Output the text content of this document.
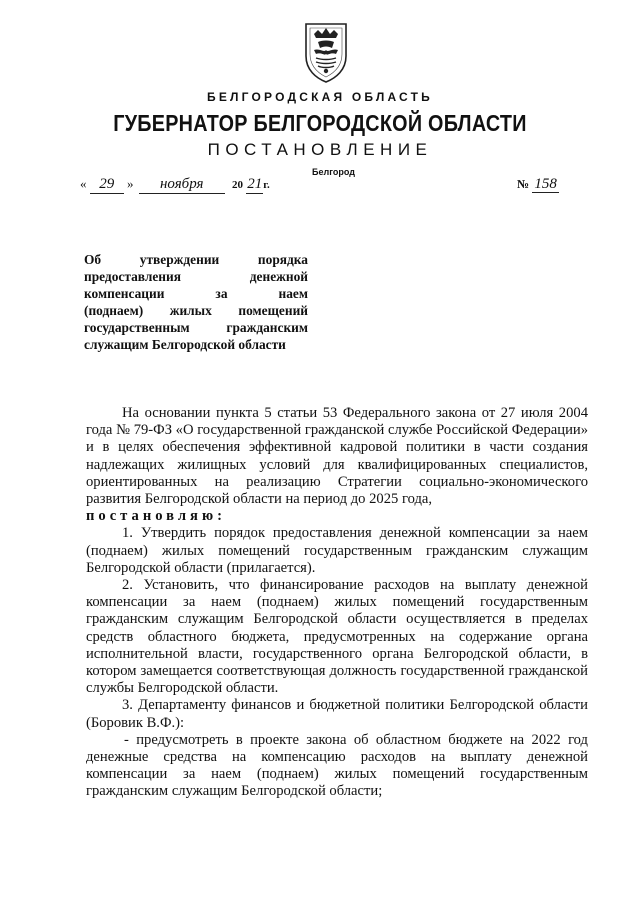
БЕЛГОРОДСКАЯ ОБЛАСТЬ
ГУБЕРНАТОР БЕЛГОРОДСКОЙ ОБЛАСТИ
ПОСТАНОВЛЕНИЕ
Белгород
« 29 » ноября	20 21г.	№ 158
Об утверждении порядка
предоставления денежной
компенсации за наем
(поднаем) жилых помещений
государственным гражданским
служащим Белгородской области

На основании пункта 5 статьи 53 Федерального закона от 27 июля 2004 года № 79-ФЗ «О государственной гражданской службе Российской Федерации» и в целях обеспечения эффективной кадровой политики в части создания надлежащих жилищных условий для квалифицированных специалистов, ориентированных на реализацию Стратегии социально-экономического развития Белгородской области на период до 2025 года,

постановляю:

1. Утвердить порядок предоставления денежной компенсации за наем (поднаем) жилых помещений государственным гражданским служащим Белгородской области (прилагается).

2. Установить, что финансирование расходов на выплату денежной компенсации за наем (поднаем) жилых помещений государственным гражданским служащим Белгородской области осуществляется в пределах средств областного бюджета, предусмотренных на содержание органа исполнительной власти, государственного органа Белгородской области, в котором замещается соответствующая должность государственной гражданской службы Белгородской области.

3. Департаменту финансов и бюджетной политики Белгородской области (Боровик В.Ф.):

- предусмотреть в проекте закона об областном бюджете на 2022 год денежные средства на компенсацию расходов на выплату денежной компенсации за наем (поднаем) жилых помещений государственным гражданским служащим Белгородской области;
